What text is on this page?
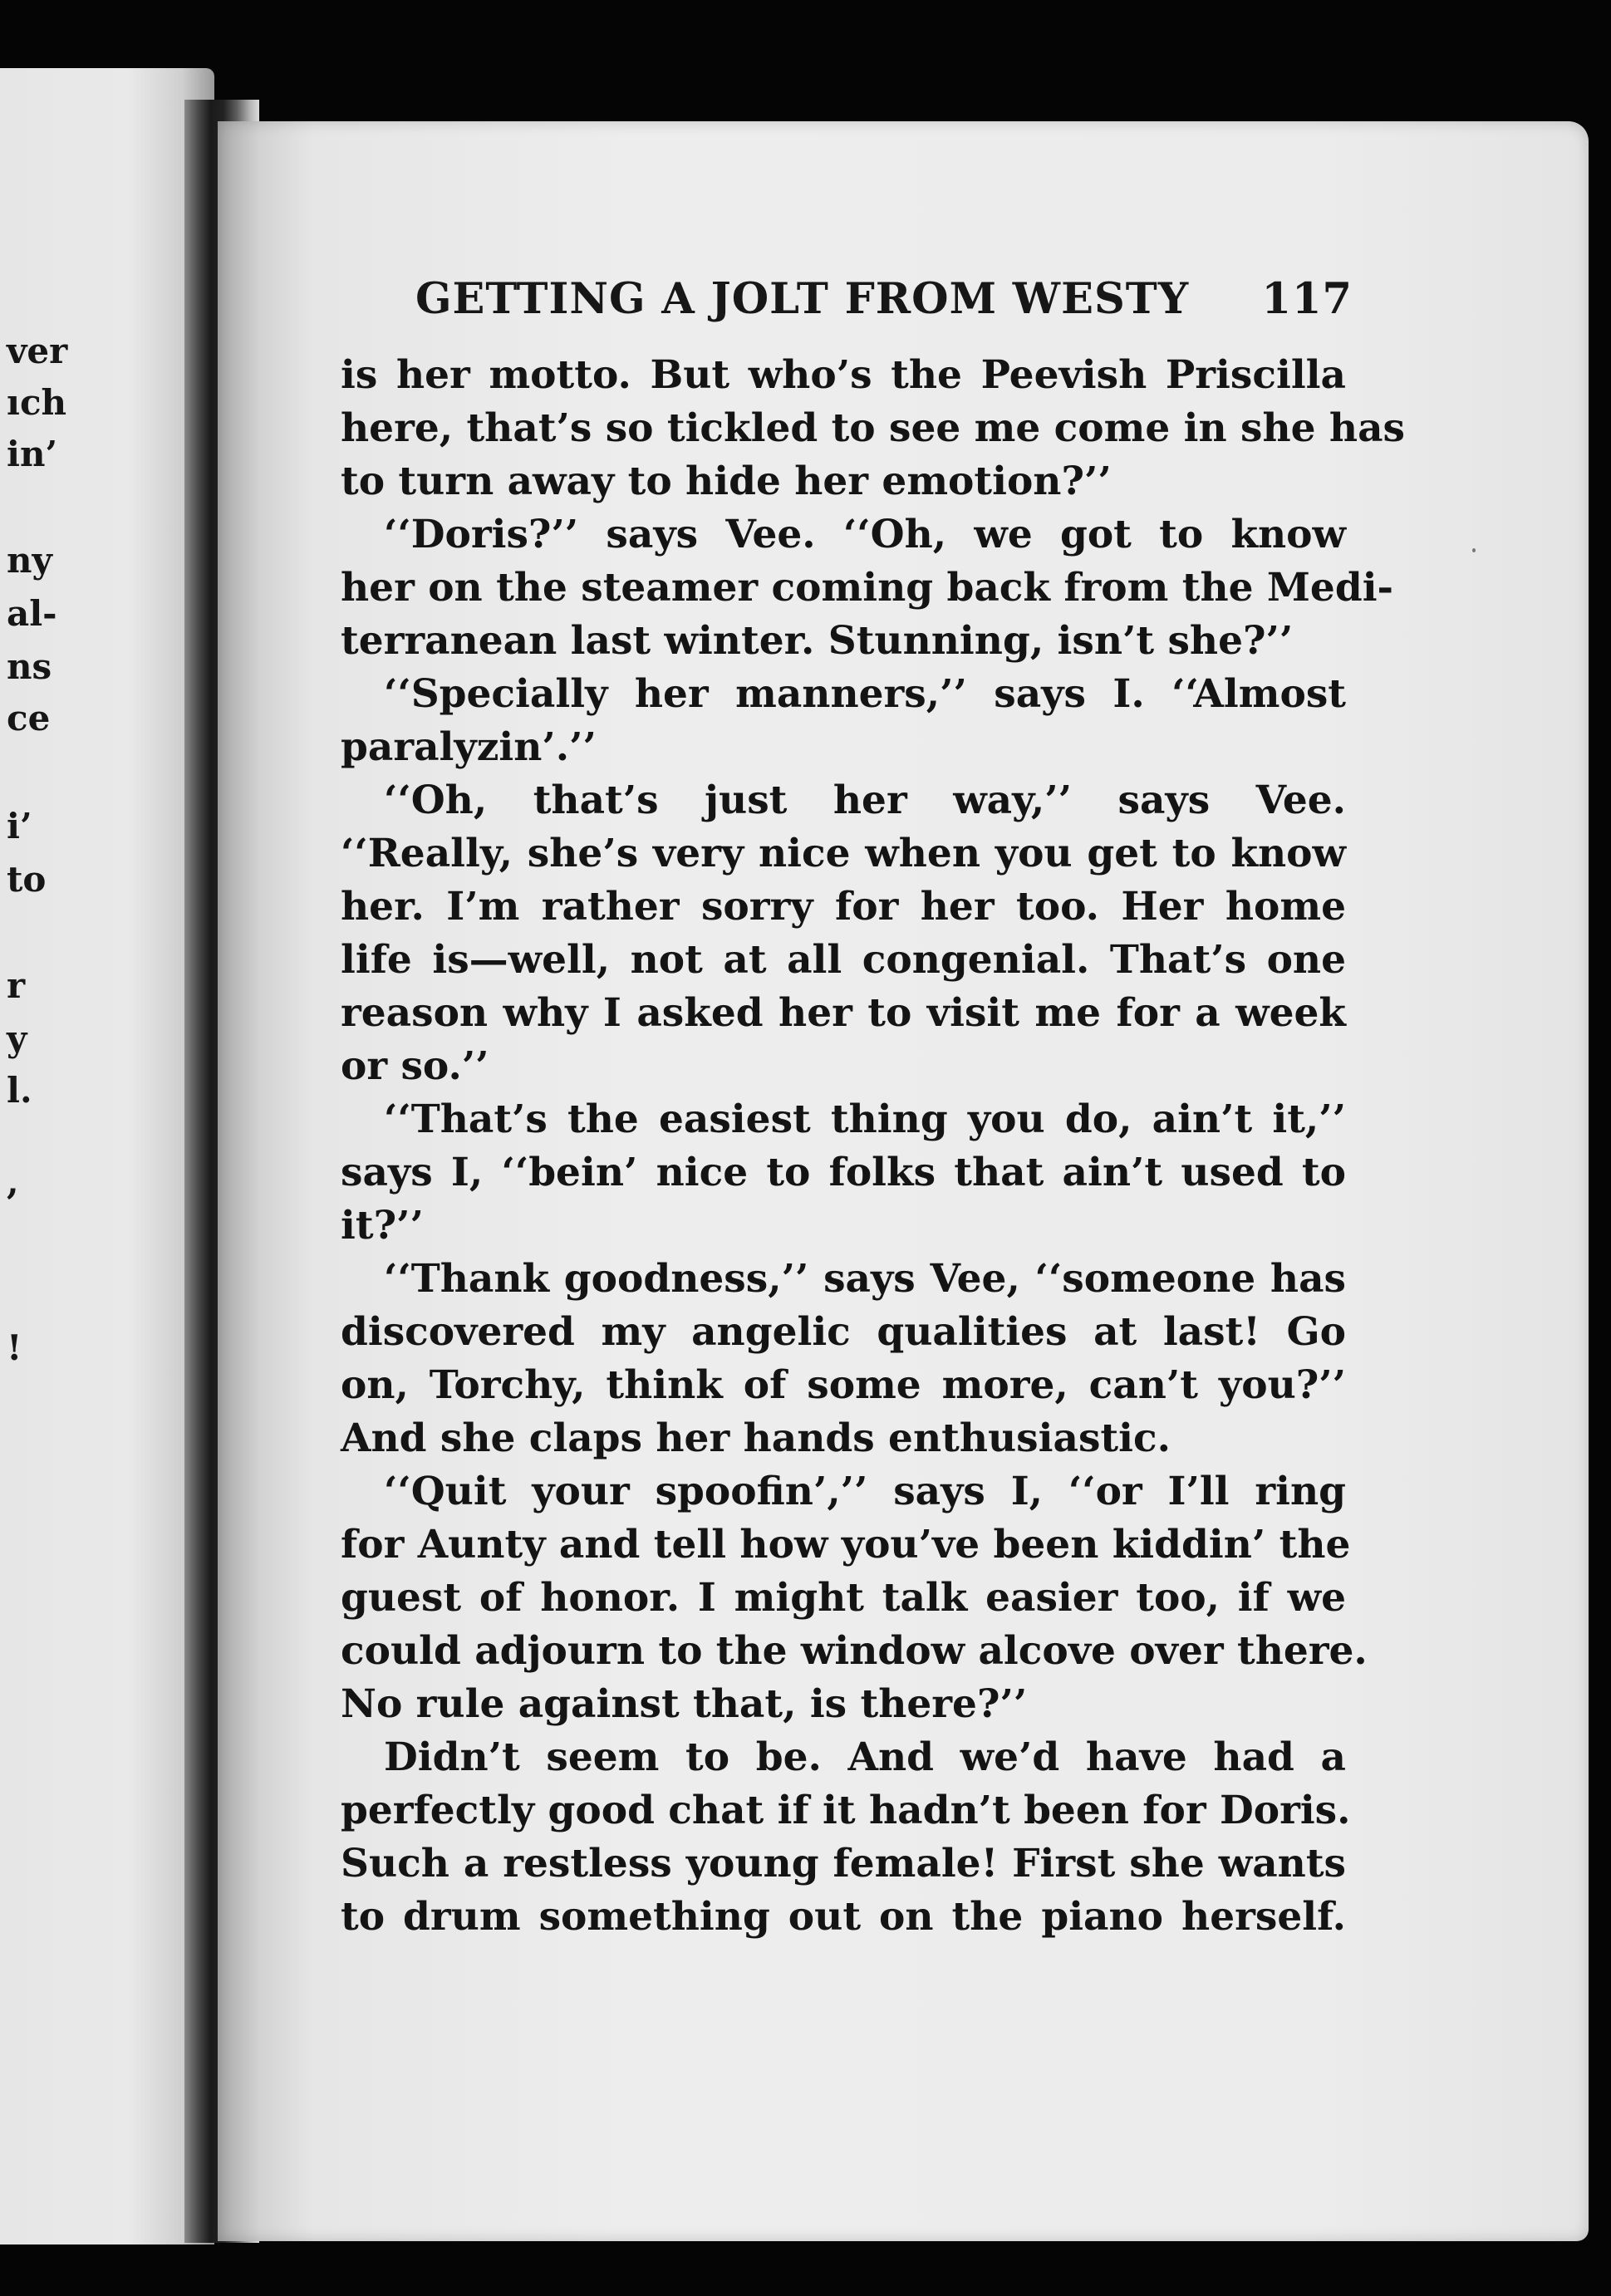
ver
ıch
in’
ny
al-
ns
ce
i’
to
r
y
l.
,
!
GETTING A JOLT FROM WESTY 117
is her motto. But who’s the Peevish Priscilla
here, that’s so tickled to see me come in she has
to turn away to hide her emotion?’’
‘‘Doris?’’ says Vee. ‘‘Oh, we got to know
her on the steamer coming back from the Medi-
terranean last winter. Stunning, isn’t she?’’
‘‘Specially her manners,’’ says I. ‘‘Almost
paralyzin’.’’
‘‘Oh, that’s just her way,’’ says Vee.
‘‘Really, she’s very nice when you get to know
her. I’m rather sorry for her too. Her home
life is—well, not at all congenial. That’s one
reason why I asked her to visit me for a week
or so.’’
‘‘That’s the easiest thing you do, ain’t it,’’
says I, ‘‘bein’ nice to folks that ain’t used to
it?’’
‘‘Thank goodness,’’ says Vee, ‘‘someone has
discovered my angelic qualities at last! Go
on, Torchy, think of some more, can’t you?’’
And she claps her hands enthusiastic.
‘‘Quit your spoofin’,’’ says I, ‘‘or I’ll ring
for Aunty and tell how you’ve been kiddin’ the
guest of honor. I might talk easier too, if we
could adjourn to the window alcove over there.
No rule against that, is there?’’
Didn’t seem to be. And we’d have had a
perfectly good chat if it hadn’t been for Doris.
Such a restless young female! First she wants
to drum something out on the piano herself.
